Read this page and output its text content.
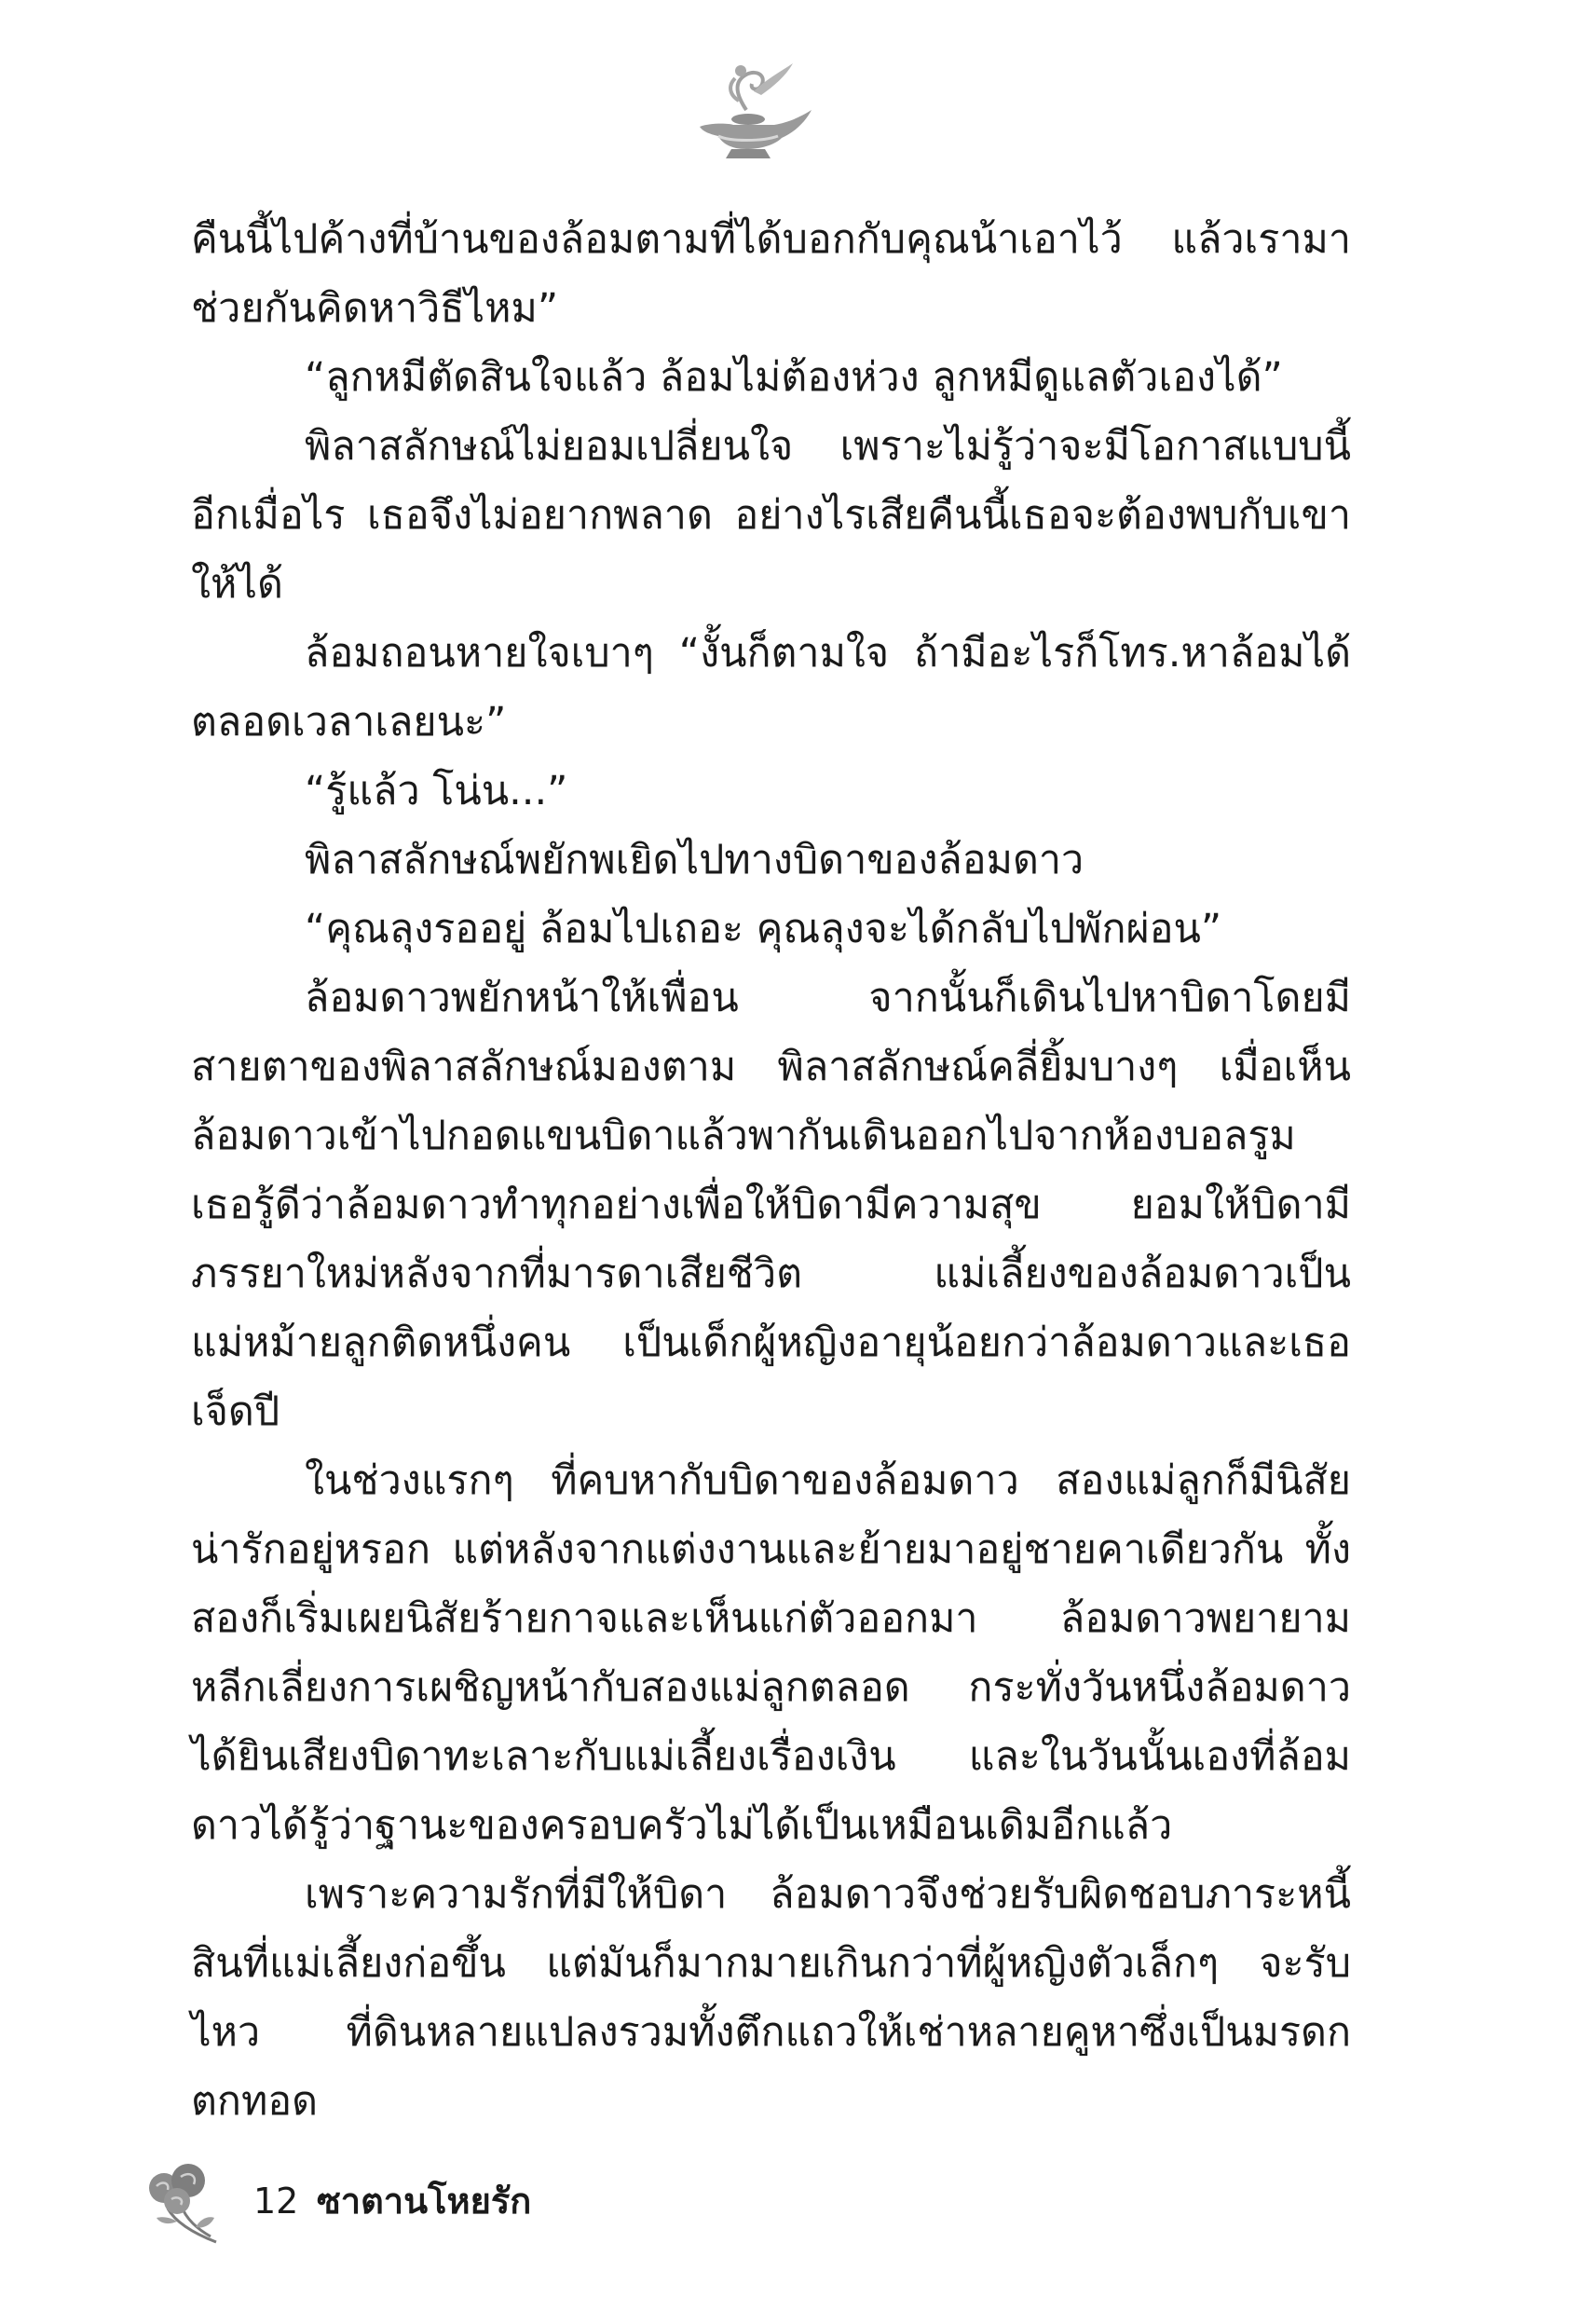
คืนนี้ไปค้างที่บ้านของล้อมตามที่ได้บอกกับคุณน้าเอาไว้ แล้วเรามาช่วยกันคิดหาวิธีไหม”

“ลูกหมีตัดสินใจแล้ว ล้อมไม่ต้องห่วง ลูกหมีดูแลตัวเองได้”

พิลาสลักษณ์ไม่ยอมเปลี่ยนใจ เพราะไม่รู้ว่าจะมีโอกาสแบบนี้อีกเมื่อไร เธอจึงไม่อยากพลาด อย่างไรเสียคืนนี้เธอจะต้องพบกับเขาให้ได้

ล้อมถอนหายใจเบาๆ “งั้นก็ตามใจ ถ้ามีอะไรก็โทร.หาล้อมได้ตลอดเวลาเลยนะ”

“รู้แล้ว โน่น...”

พิลาสลักษณ์พยักพเยิดไปทางบิดาของล้อมดาว

“คุณลุงรออยู่ ล้อมไปเถอะ คุณลุงจะได้กลับไปพักผ่อน”

ล้อมดาวพยักหน้าให้เพื่อน จากนั้นก็เดินไปหาบิดาโดยมีสายตาของพิลาสลักษณ์มองตาม พิลาสลักษณ์คลี่ยิ้มบางๆ เมื่อเห็นล้อมดาวเข้าไปกอดแขนบิดาแล้วพากันเดินออกไปจากห้องบอลรูม เธอรู้ดีว่าล้อมดาวทำทุกอย่างเพื่อให้บิดามีความสุข ยอมให้บิดามีภรรยาใหม่หลังจากที่มารดาเสียชีวิต แม่เลี้ยงของล้อมดาวเป็นแม่หม้ายลูกติดหนึ่งคน เป็นเด็กผู้หญิงอายุน้อยกว่าล้อมดาวและเธอเจ็ดปี

ในช่วงแรกๆ ที่คบหากับบิดาของล้อมดาว สองแม่ลูกก็มีนิสัยน่ารักอยู่หรอก แต่หลังจากแต่งงานและย้ายมาอยู่ชายคาเดียวกัน ทั้งสองก็เริ่มเผยนิสัยร้ายกาจและเห็นแก่ตัวออกมา ล้อมดาวพยายามหลีกเลี่ยงการเผชิญหน้ากับสองแม่ลูกตลอด กระทั่งวันหนึ่งล้อมดาวได้ยินเสียงบิดาทะเลาะกับแม่เลี้ยงเรื่องเงิน และในวันนั้นเองที่ล้อมดาวได้รู้ว่าฐานะของครอบครัวไม่ได้เป็นเหมือนเดิมอีกแล้ว

เพราะความรักที่มีให้บิดา ล้อมดาวจึงช่วยรับผิดชอบภาระหนี้สินที่แม่เลี้ยงก่อขึ้น แต่มันก็มากมายเกินกว่าที่ผู้หญิงตัวเล็กๆ จะรับไหว ที่ดินหลายแปลงรวมทั้งตึกแถวให้เช่าหลายคูหาซึ่งเป็นมรดกตกทอด

12 ซาตานโหยรัก
